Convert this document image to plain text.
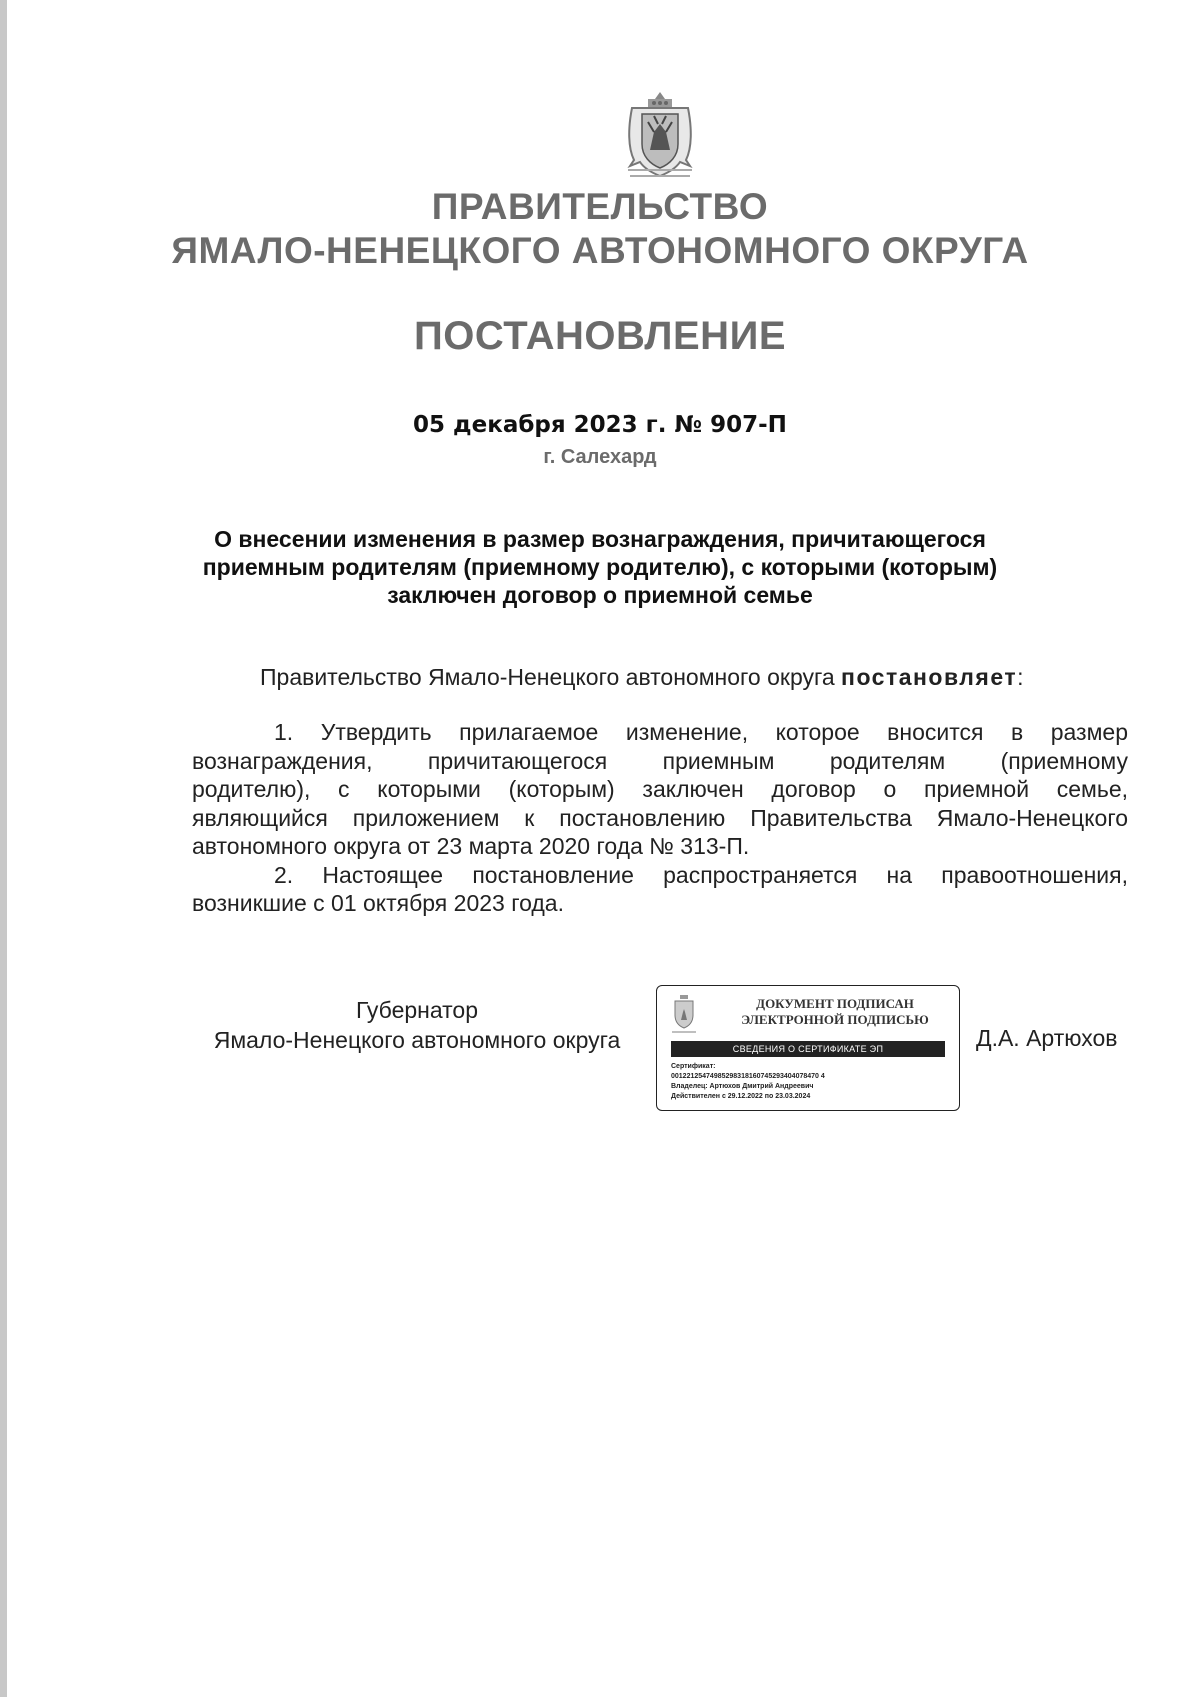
ПРАВИТЕЛЬСТВО
ЯМАЛО-НЕНЕЦКОГО АВТОНОМНОГО ОКРУГА
ПОСТАНОВЛЕНИЕ
05 декабря 2023 г. № 907-П
г. Салехард
О внесении изменения в размер вознаграждения, причитающегося
приемным родителям (приемному родителю), с которыми (которым)
заключен договор о приемной семье
Правительство Ямало-Ненецкого автономного округа постановляет:
1. Утвердить прилагаемое изменение, которое вносится в размер
вознаграждения, причитающегося приемным родителям (приемному
родителю), с которыми (которым) заключен договор о приемной семье,
являющийся приложением к постановлению Правительства Ямало-Ненецкого
автономного округа от 23 марта 2020 года № 313-П.
2. Настоящее постановление распространяется на правоотношения,
возникшие с 01 октября 2023 года.
Губернатор
Ямало-Ненецкого автономного округа
ДОКУМЕНТ ПОДПИСАН
ЭЛЕКТРОННОЙ ПОДПИСЬЮ
СВЕДЕНИЯ О СЕРТИФИКАТЕ ЭП
Сертификат:
00122125474985298318160745293404078470 4
Владелец: Артюхов Дмитрий Андреевич
Действителен с 29.12.2022 по 23.03.2024
Д.А. Артюхов
